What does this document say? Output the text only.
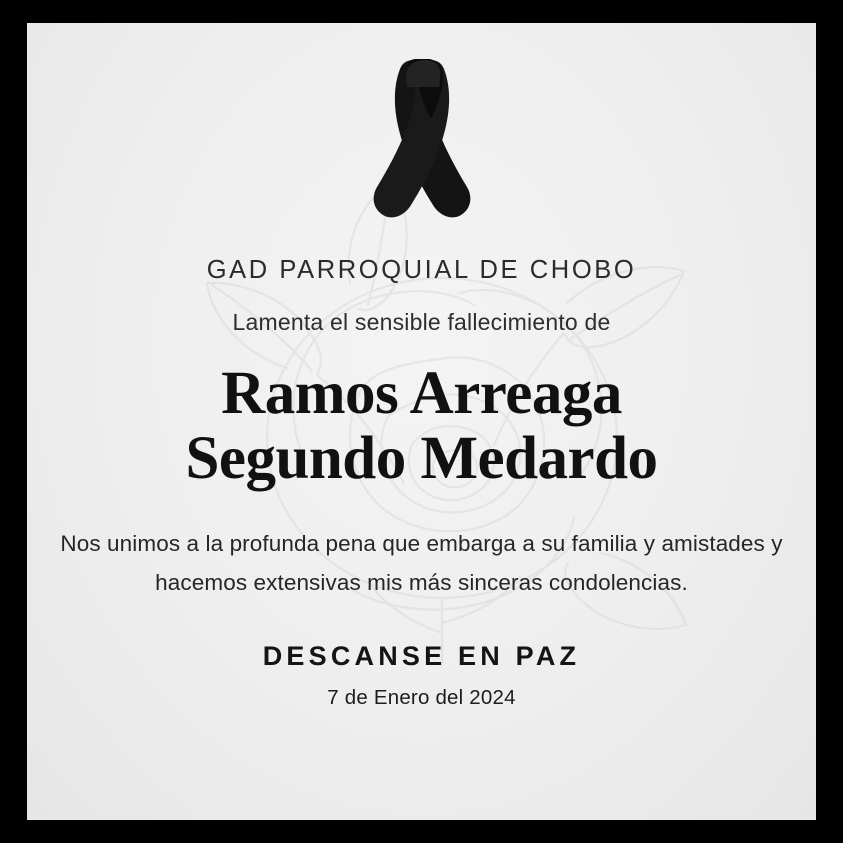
GAD PARROQUIAL DE CHOBO
Lamenta el sensible fallecimiento de
Ramos Arreaga
Segundo Medardo
Nos unimos a la profunda pena que embarga a su familia y amistades y hacemos extensivas mis más sinceras condolencias.
DESCANSE EN PAZ
7 de Enero del 2024
